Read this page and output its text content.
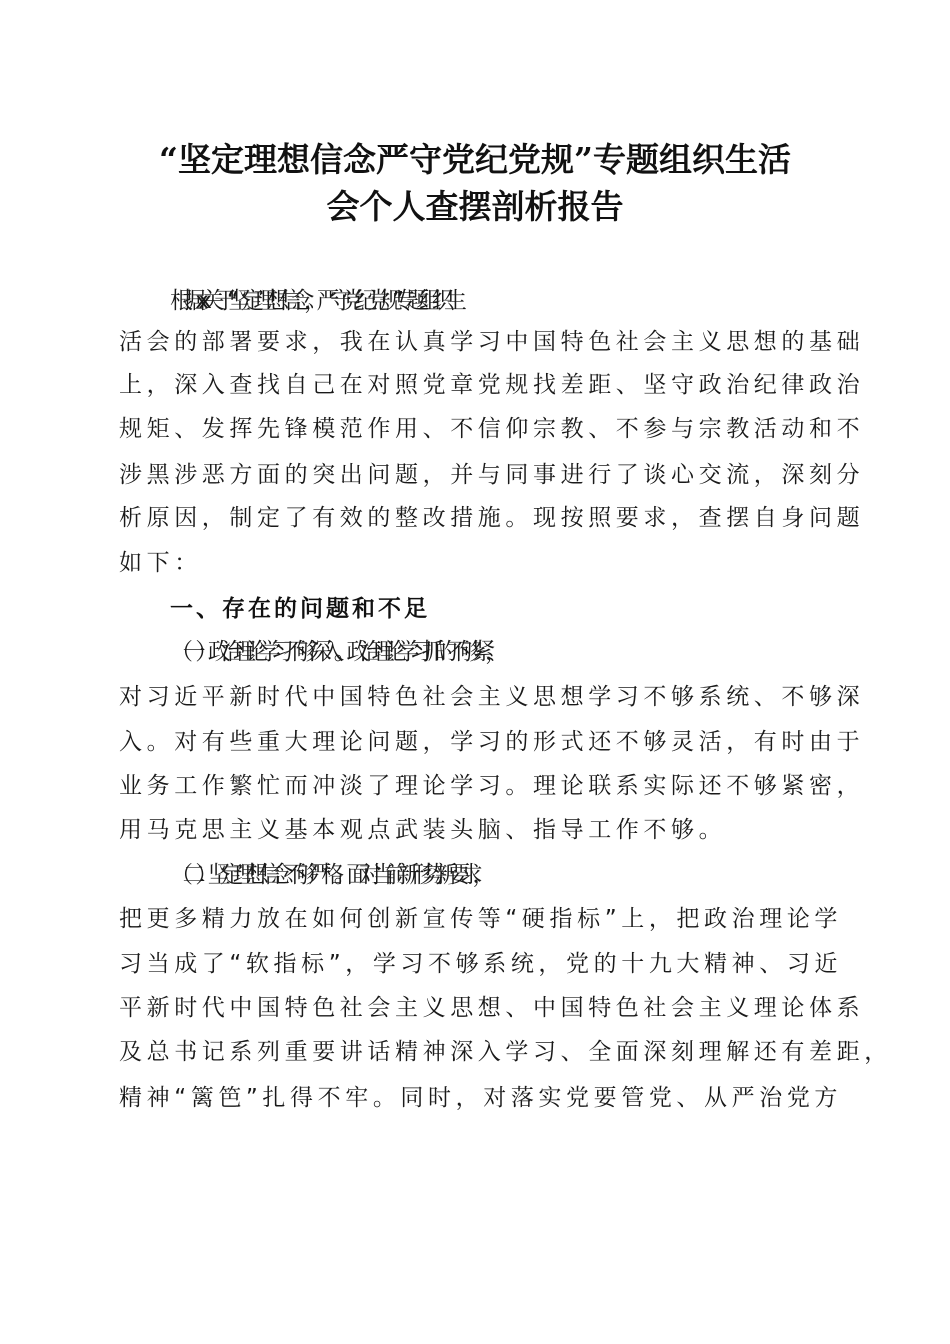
“坚定理想信念严守党纪党规”专题组织生活
会个人查摆剖析报告
根据xx关于“坚定理想信念，严守党纪党规”专题组织生
活会的部署要求，我在认真学习中国特色社会主义思想的基础
上，深入查找自己在对照党章党规找差距、坚守政治纪律政治
规矩、发挥先锋模范作用、不信仰宗教、不参与宗教活动和不
涉黑涉恶方面的突出问题，并与同事进行了谈心交流，深刻分
析原因，制定了有效的整改措施。现按照要求，查摆自身问题
如下：
一、存在的问题和不足
（一）政治理论学习不够深入。政治理论学习抓的不够紧，
对习近平新时代中国特色社会主义思想学习不够系统、不够深
入。对有些重大理论问题，学习的形式还不够灵活，有时由于
业务工作繁忙而冲淡了理论学习。理论联系实际还不够紧密，
用马克思主义基本观点武装头脑、指导工作不够。
（二）坚定理想信念不够严格。面对当前新形势新要求，
把更多精力放在如何创新宣传等“硬指标”上，把政治理论学
习当成了“软指标”，学习不够系统，党的十九大精神、习近
平新时代中国特色社会主义思想、中国特色社会主义理论体系
及总书记系列重要讲话精神深入学习、全面深刻理解还有差距，
精神“篱笆”扎得不牢。同时，对落实党要管党、从严治党方
